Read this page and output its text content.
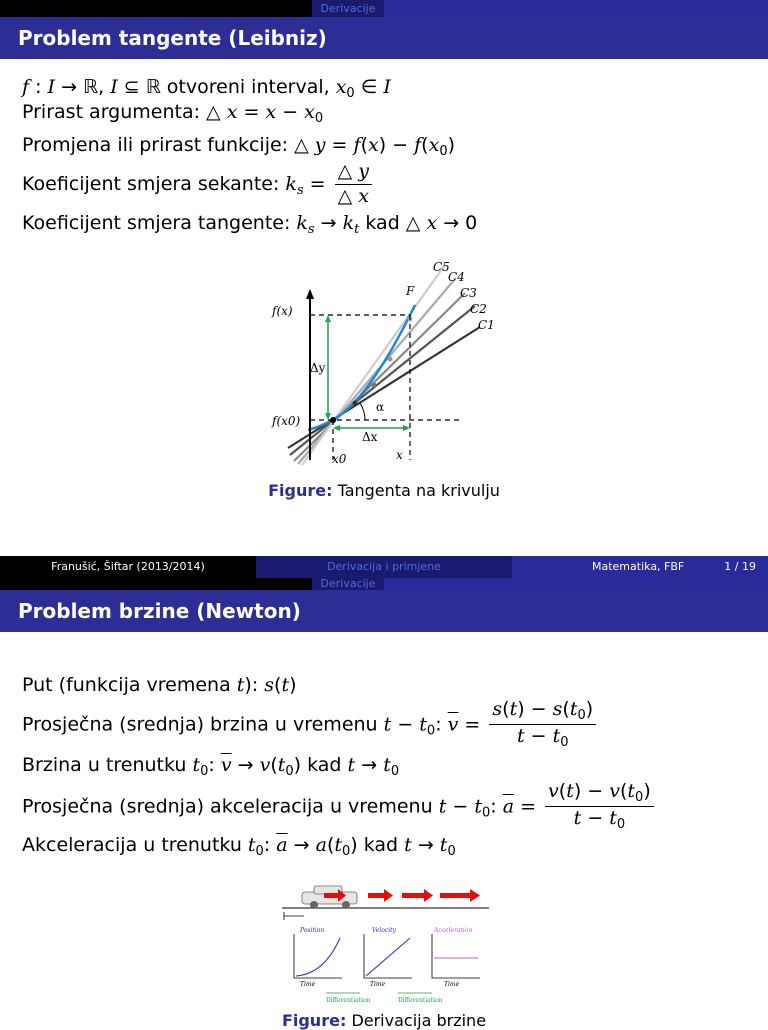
Derivacije
Problem tangente (Leibniz)
f : I → ℝ, I ⊆ ℝ otvoreni interval, $x_0$ ∈ I
Prirast argumenta: △ $x = x - x_0$
Promjena ili prirast funkcije: △ $y = f(x) - f(x_0)$
Koeficijent smjera sekante: $k_s = \frac{\triangle y}{\triangle x}$
Koeficijent smjera tangente: $k_s \to k_t$ kad △ x → 0
f(x)
f(x0)
Δy
Δx
x0	x
α
F
C1
C2
C3
C4
C5
Figure: Tangenta na krivulju
Franušić, Šiftar (2013/2014)	Derivacija i primjene	Matematika, FBF	1 / 19
Derivacije
Problem brzine (Newton)
Put (funkcija vremena t): s(t)
Prosječna (srednja) brzina u vremenu $t - t_0$: $\overline{v} = \frac{s(t) - s(t_0)}{t - t_0}$
Brzina u trenutku $t_0$: $\overline{v} \to v(t_0)$ kad $t \to t_0$
Prosječna (srednja) akceleracija u vremenu $t - t_0$: $\overline{a} = \frac{v(t) - v(t_0)}{t - t_0}$
Akceleracija u trenutku $t_0$: $\overline{a} \to a(t_0)$ kad $t \to t_0$
Position	Velocity	Acceleration
Time	Time	Time
Differentiation	Differentiation
Figure: Derivacija brzine
